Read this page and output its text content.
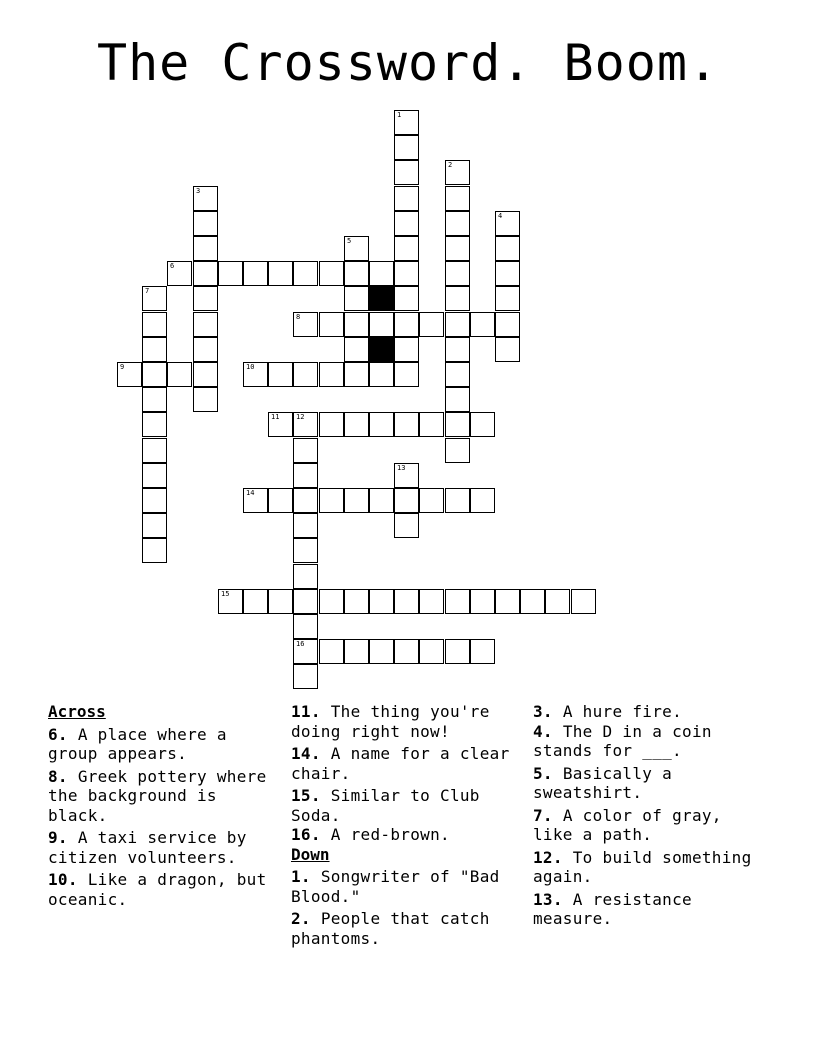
The Crossword. Boom.
1
2
3
4
5
6
7
8
9	10
11 12
16
13
14
15
Across
6. A place where a group appears.
8. Greek pottery where the background is black.
9. A taxi service by citizen volunteers.
10. Like a dragon, but oceanic.
11. The thing you're doing right now!
14. A name for a clear chair.
15. Similar to Club Soda.
16. A red-brown.
Down
1. Songwriter of "Bad Blood."
2. People that catch phantoms.
3. A hure fire.
4. The D in a coin stands for ___.
5. Basically a sweatshirt.
7. A color of gray, like a path.
12. To build something again.
13. A resistance measure.
